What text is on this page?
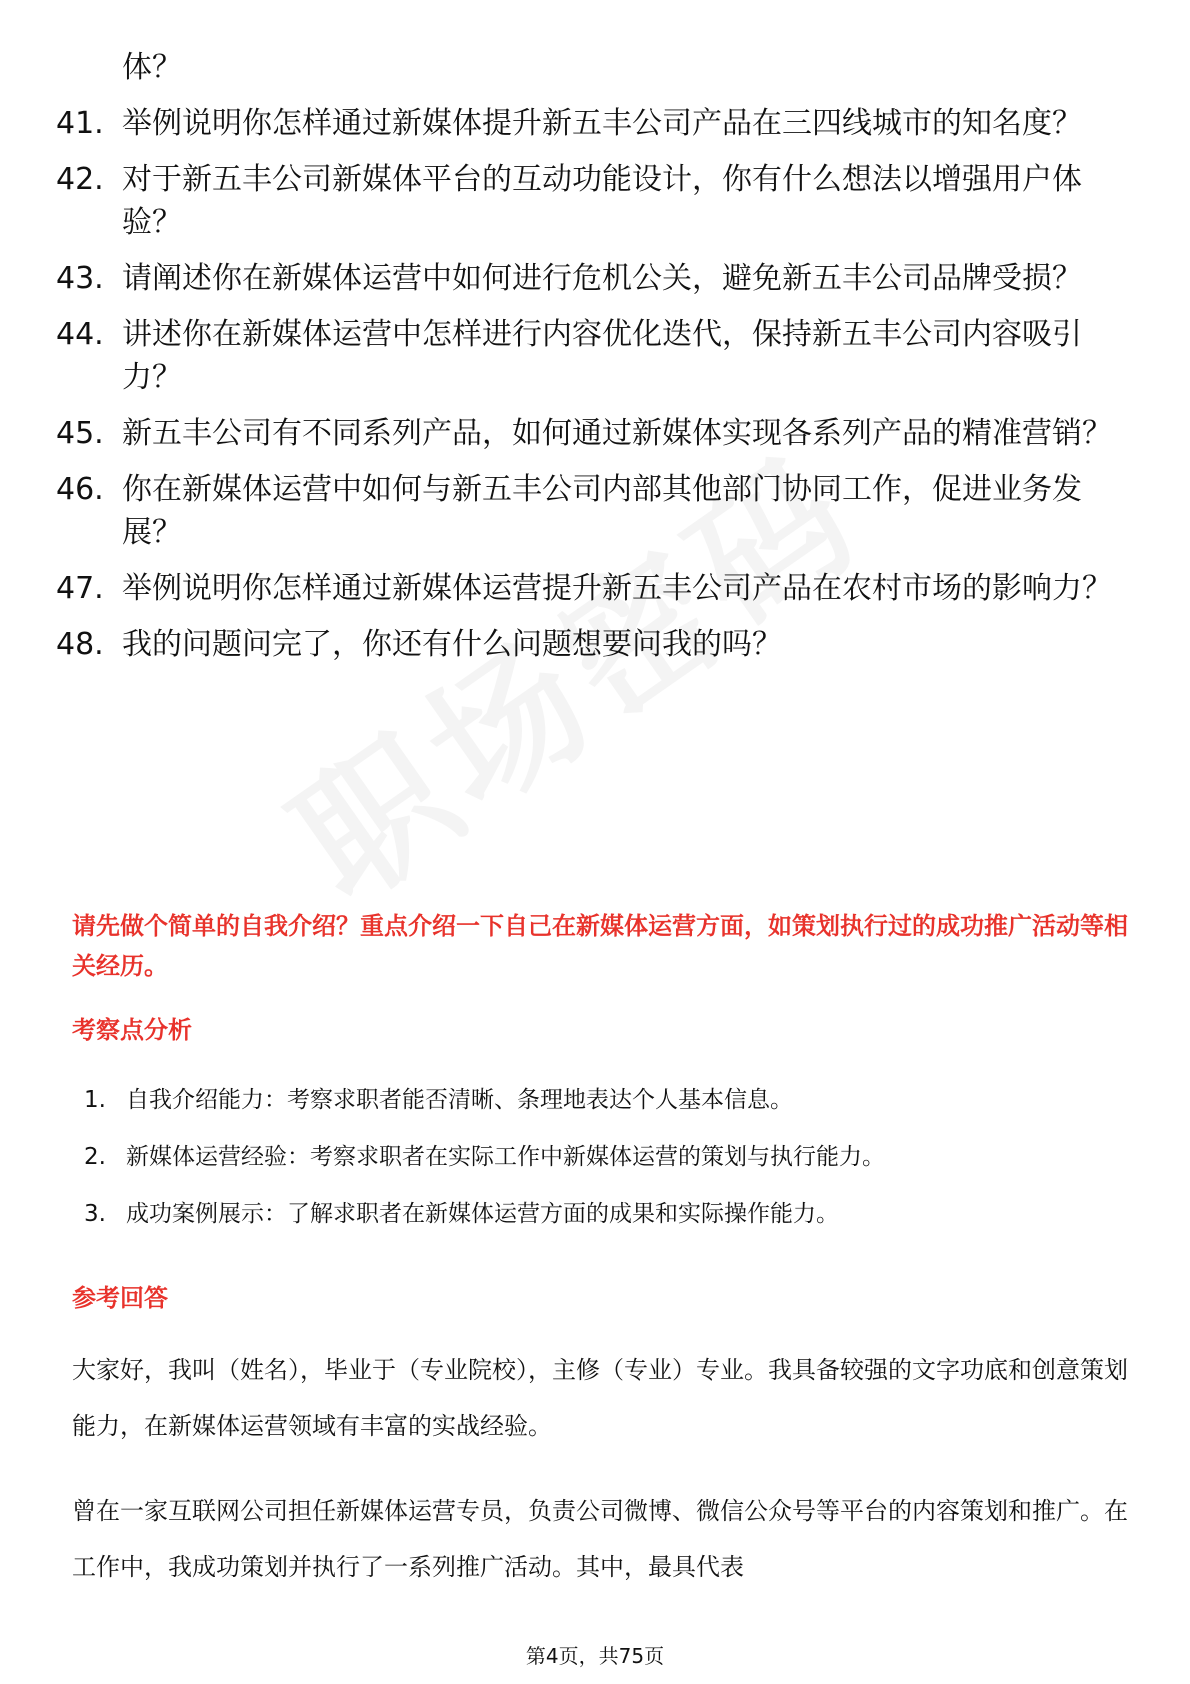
体？
41. 举例说明你怎样通过新媒体提升新五丰公司产品在三四线城市的知名度？
42. 对于新五丰公司新媒体平台的互动功能设计，你有什么想法以增强用户体验？
43. 请阐述你在新媒体运营中如何进行危机公关，避免新五丰公司品牌受损？
44. 讲述你在新媒体运营中怎样进行内容优化迭代，保持新五丰公司内容吸引力？
45. 新五丰公司有不同系列产品，如何通过新媒体实现各系列产品的精准营销？
46. 你在新媒体运营中如何与新五丰公司内部其他部门协同工作，促进业务发展？
47. 举例说明你怎样通过新媒体运营提升新五丰公司产品在农村市场的影响力？
48. 我的问题问完了，你还有什么问题想要问我的吗？
请先做个简单的自我介绍？重点介绍一下自己在新媒体运营方面，如策划执行过的成功推广活动等相关经历。
考察点分析
1. 自我介绍能力：考察求职者能否清晰、条理地表达个人基本信息。
2. 新媒体运营经验：考察求职者在实际工作中新媒体运营的策划与执行能力。
3. 成功案例展示：了解求职者在新媒体运营方面的成果和实际操作能力。
参考回答
大家好，我叫（姓名），毕业于（专业院校），主修（专业）专业。我具备较强的文字功底和创意策划能力，在新媒体运营领域有丰富的实战经验。
曾在一家互联网公司担任新媒体运营专员，负责公司微博、微信公众号等平台的内容策划和推广。在工作中，我成功策划并执行了一系列推广活动。其中，最具代表
第4页，共75页
